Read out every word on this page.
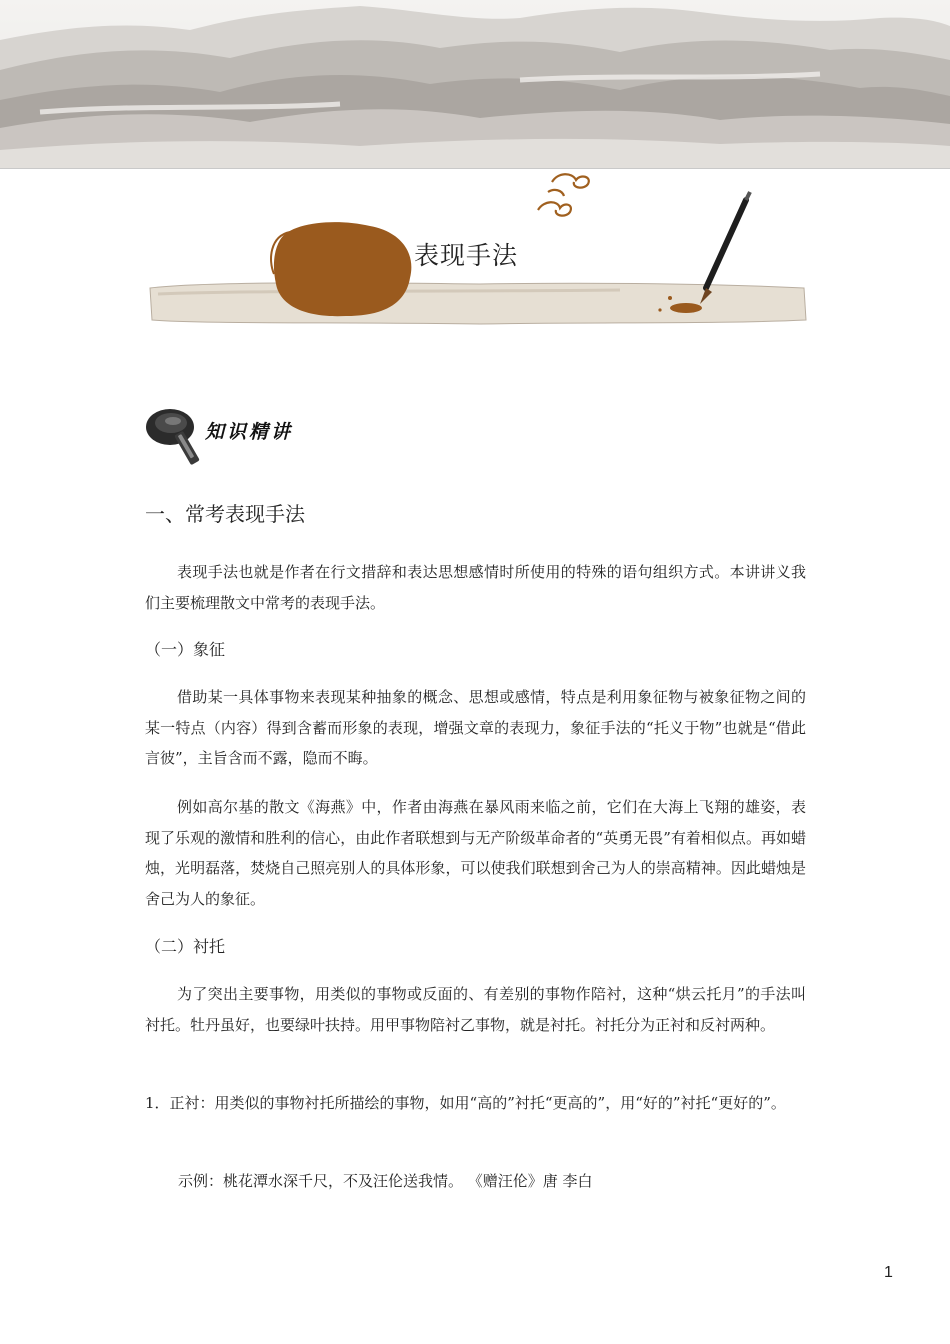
表现手法
知识精讲
一、常考表现手法

表现手法也就是作者在行文措辞和表达思想感情时所使用的特殊的语句组织方式。本讲讲义我们主要梳理散文中常考的表现手法。

（一）象征

借助某一具体事物来表现某种抽象的概念、思想或感情，特点是利用象征物与被象征物之间的某一特点（内容）得到含蓄而形象的表现，增强文章的表现力，象征手法的“托义于物”也就是“借此言彼”，主旨含而不露，隐而不晦。

例如高尔基的散文《海燕》中，作者由海燕在暴风雨来临之前，它们在大海上飞翔的雄姿，表现了乐观的激情和胜利的信心，由此作者联想到与无产阶级革命者的“英勇无畏”有着相似点。再如蜡烛，光明磊落，焚烧自己照亮别人的具体形象，可以使我们联想到舍己为人的崇高精神。因此蜡烛是舍己为人的象征。

（二）衬托

为了突出主要事物，用类似的事物或反面的、有差别的事物作陪衬，这种“烘云托月”的手法叫衬托。牡丹虽好，也要绿叶扶持。用甲事物陪衬乙事物，就是衬托。衬托分为正衬和反衬两种。

1．正衬：用类似的事物衬托所描绘的事物，如用“高的”衬托“更高的”，用“好的”衬托“更好的”。

示例：桃花潭水深千尺，不及汪伦送我情。 《赠汪伦》唐 李白
1
